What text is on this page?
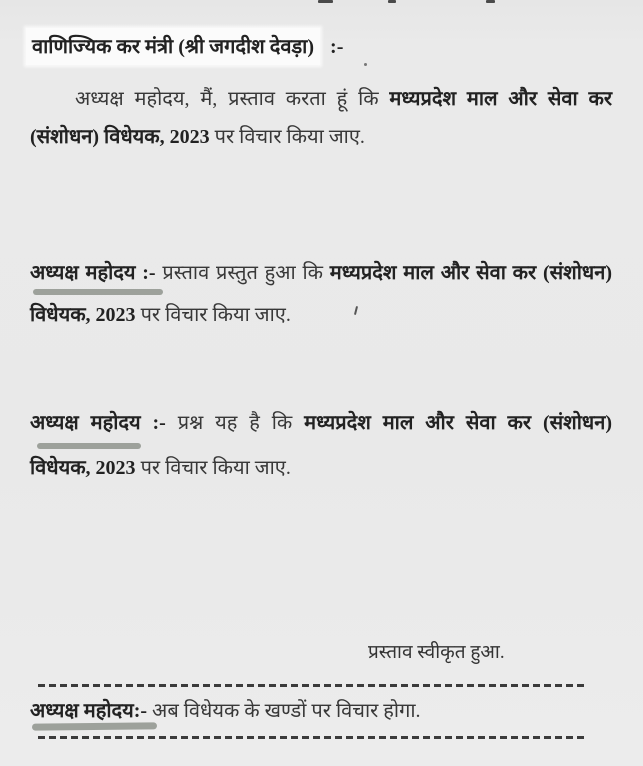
वाणिज्यिक कर मंत्री (श्री जगदीश देवड़ा) :-
अध्यक्ष महोदय, मैं, प्रस्ताव करता हूं कि मध्यप्रदेश माल और सेवा कर
(संशोधन) विधेयक, 2023 पर विचार किया जाए.
अध्यक्ष महोदय :- प्रस्ताव प्रस्तुत हुआ कि मध्यप्रदेश माल और सेवा कर (संशोधन)
विधेयक, 2023 पर विचार किया जाए.
अध्यक्ष महोदय :- प्रश्न यह है कि मध्यप्रदेश माल और सेवा कर (संशोधन)
विधेयक, 2023 पर विचार किया जाए.
प्रस्ताव स्वीकृत हुआ.
अध्यक्ष महोदय:- अब विधेयक के खण्डों पर विचार होगा.
